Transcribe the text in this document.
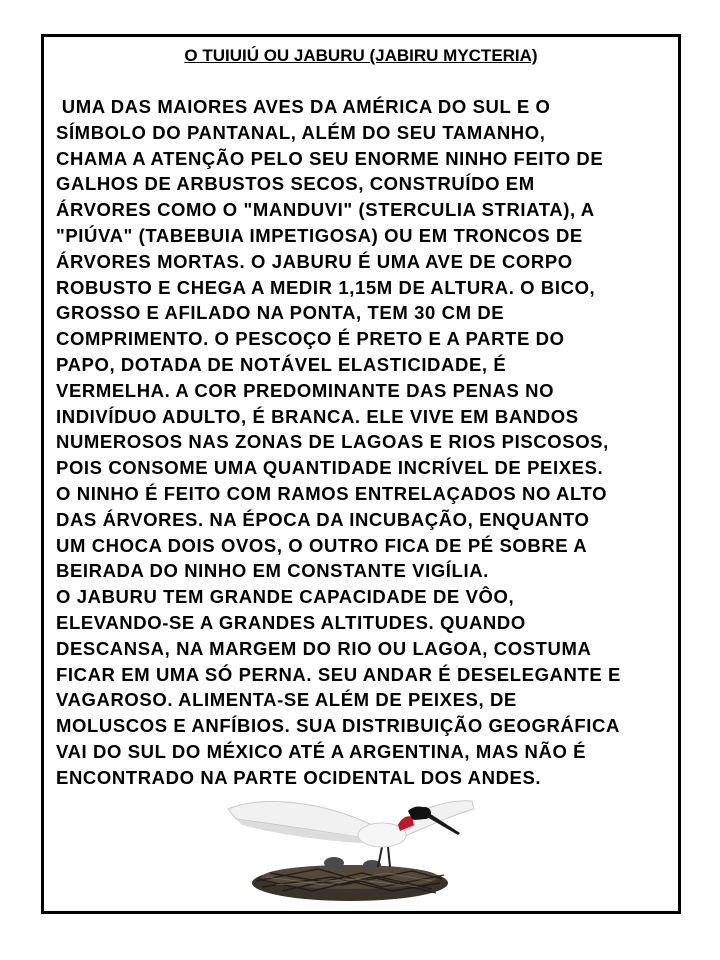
O TUIUIÚ OU JABURU (JABIRU MYCTERIA)
UMA DAS MAIORES AVES DA AMÉRICA DO SUL E O
SÍMBOLO DO PANTANAL, ALÉM DO SEU TAMANHO,
CHAMA A ATENÇÃO PELO SEU ENORME NINHO FEITO DE
GALHOS DE ARBUSTOS SECOS, CONSTRUÍDO EM
ÁRVORES COMO O "MANDUVI" (STERCULIA STRIATA), A
"PIÚVA" (TABEBUIA IMPETIGOSA) OU EM TRONCOS DE
ÁRVORES MORTAS. O JABURU É UMA AVE DE CORPO
ROBUSTO E CHEGA A MEDIR 1,15M DE ALTURA. O BICO,
GROSSO E AFILADO NA PONTA, TEM 30 CM DE
COMPRIMENTO. O PESCOÇO É PRETO E A PARTE DO
PAPO, DOTADA DE NOTÁVEL ELASTICIDADE, É
VERMELHA. A COR PREDOMINANTE DAS PENAS NO
INDIVÍDUO ADULTO, É BRANCA. ELE VIVE EM BANDOS
NUMEROSOS NAS ZONAS DE LAGOAS E RIOS PISCOSOS,
POIS CONSOME UMA QUANTIDADE INCRÍVEL DE PEIXES.
O NINHO É FEITO COM RAMOS ENTRELAÇADOS NO ALTO
DAS ÁRVORES. NA ÉPOCA DA INCUBAÇÃO, ENQUANTO
UM CHOCA DOIS OVOS, O OUTRO FICA DE PÉ SOBRE A
BEIRADA DO NINHO EM CONSTANTE VIGÍLIA.
O JABURU TEM GRANDE CAPACIDADE DE VÔO,
ELEVANDO-SE A GRANDES ALTITUDES. QUANDO
DESCANSA, NA MARGEM DO RIO OU LAGOA, COSTUMA
FICAR EM UMA SÓ PERNA. SEU ANDAR É DESELEGANTE E
VAGAROSO. ALIMENTA-SE ALÉM DE PEIXES, DE
MOLUSCOS E ANFÍBIOS. SUA DISTRIBUIÇÃO GEOGRÁFICA
VAI DO SUL DO MÉXICO ATÉ A ARGENTINA, MAS NÃO É
ENCONTRADO NA PARTE OCIDENTAL DOS ANDES.
